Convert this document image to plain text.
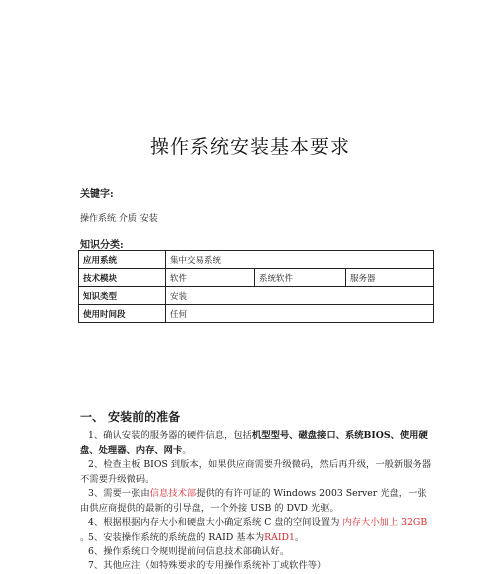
操作系统安装基本要求
关键字:
操作系统 介质 安装
知识分类:
应用系统	集中交易系统		
技术模块	软件	系统软件	服务器
知识类型	安装		
使用时间段	任何		
一、 安装前的准备
1、确认安装的服务器的硬件信息，包括机型型号、磁盘接口、系统BIOS、使用硬盘、处理器、内存、网卡。
2、检查主板 BIOS 到版本，如果供应商需要升级微码，然后再升级，一般新服务器不需要升级微码。
3、需要一张由信息技术部提供的有许可证的 Windows 2003 Server 光盘，一张由供应商提供的最新的引导盘，一个外接 USB 的 DVD 光驱。
4、根据根据内存大小和硬盘大小确定系统 C 盘的空间设置为 内存大小加上 32GB 。
5、安装操作系统的系统盘的 RAID 基本为RAID1。
6、操作系统口令规则提前问信息技术部确认好。
7、其他应注（如特殊要求的专用操作系统补丁或软件等）
